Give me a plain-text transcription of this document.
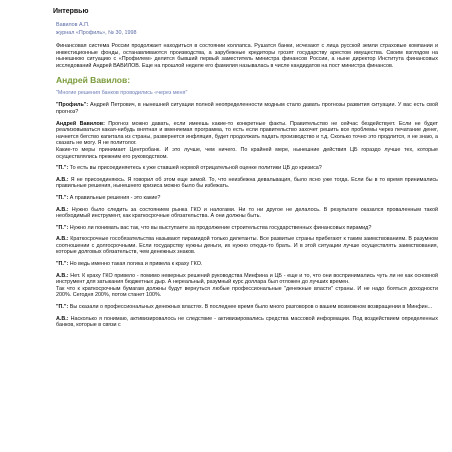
Интервью
Вавилов А.П.
журнал «Профиль», № 30, 1998

Финансовая система России продолжает находиться в состоянии коллапса. Рушатся банки, исчезают с лица русской земли страховые компании и инвестиционные фонды, останавливаются производства, а зарубежные кредиторы грозят государству арестом имущества. Своим взглядом на нынешнюю ситуацию с «Профилем» делится бывший первый заместитель министра финансов России, а ныне директор Института финансовых исследований Андрей ВАВИЛОВ. Еще на прошлой неделе его фамилия называлась в числе кандидатов на пост министра финансов.

Андрей Вавилов:
"Многие решения банков проводились «через меня"

"Профиль": Андрей Петрович, в нынешней ситуации полной неопределенности модным стало давать прогнозы развития ситуации. У вас есть свой прогноз?

Андрей Вавилов: Прогноз можно давать, если имеешь какие-то конкретные факты. Правительство не сейчас бездействует. Если не будет реализовываться какая-нибудь внятная и вменяемая программа, то есть если правительство захочет решить все проблемы через печатание денег, начнется бегство капитала из страны, развернется инфляция, будет продолжать падать производство и т.д. Сколько точно это продлится, я не знаю, а сказать не могу. Я не политолог.
Какие-то меры принимает Центробанк. И это лучше, чем ничего. По крайней мере, нынешние действия ЦБ гораздо лучше тех, которые осуществлялись прежним его руководством.

"П.": То есть вы присоединяетесь к уже ставшей нормой отрицательной оценке политики ЦБ до кризиса?

А.В.: Я не присоединяюсь. Я говорил об этом еще зимой. То, что неизбежна девальвация, было ясно уже тогда. Если бы в то время принимались правильные решения, нынешнего кризиса можно было бы избежать.

"П.": А правильные решения - это какие?

А.В.: Нужно было следить за состоянием рынка ГКО и налогами. Ни то ни другое не делалось. В результате оказался проваленным такой необходимый инструмент, как краткосрочные обязательства. А они должны быть.

"П.": Нужно ли понимать вас так, что вы выступаете за продолжение строительства государственных финансовых пирамид?

А.В.: Краткосрочные гособязательства называют пирамидой только дилетанты. Все развитые страны прибегают к таким заимствованиям. В разумном соотношении с долгосрочными. Если государству нужны деньги, их нужно откуда-то брать. И в этой ситуации лучше осуществлять заимствования, которые долговых обязательств, чем денежных знаков.

"П.": Но ведь именно такая логика и привела к краху ГКО.

А.В.: Нет. К краху ГКО привело - помимо неверных решений руководства Минфина и ЦБ - еще и то, что они воспринимались чуть ли не как основной инструмент для затыкания бюджетных дыр. А нереальный, разумный курс доллара был отложен до лучших времен.
Так что к краткосрочным бумагам должны будут вернуться любые профессиональные "денежные власти" страны. И не надо бояться доходности 200%. Сегодня 200%, потом станет 100%.

"П.": Вы сказали о профессиональных денежных властях. В последнее время было много разговоров о вашем возможном возвращении в Минфин...

А.В.: Насколько я понимаю, активизировалось не следствие - активизировались средства массовой информации. Под воздействием определенных банков, которые в связи с
